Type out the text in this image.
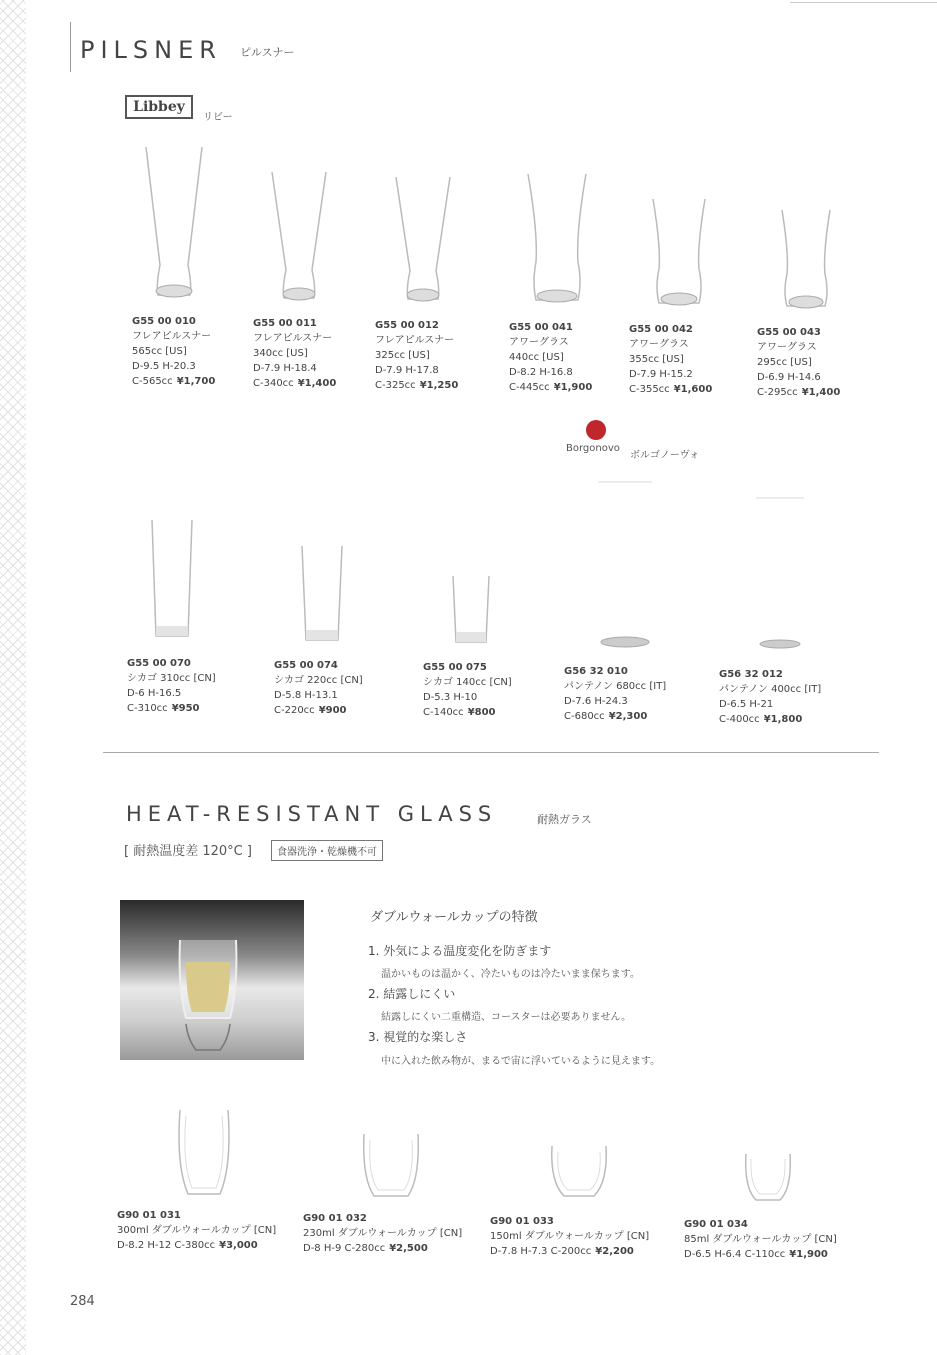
PILSNER ピルスナー
Libbey
リビー
G55 00 010
フレアピルスナー
565cc [US]
D-9.5 H-20.3
C-565cc ¥1,700
G55 00 011
フレアピルスナー
340cc [US]
D-7.9 H-18.4
C-340cc ¥1,400
G55 00 012
フレアピルスナー
325cc [US]
D-7.9 H-17.8
C-325cc ¥1,250
G55 00 041
アワーグラス
440cc [US]
D-8.2 H-16.8
C-445cc ¥1,900
G55 00 042
アワーグラス
355cc [US]
D-7.9 H-15.2
C-355cc ¥1,600
G55 00 043
アワーグラス
295cc [US]
D-6.9 H-14.6
C-295cc ¥1,400
Borgonovo
ボルゴノーヴォ
G55 00 070
シカゴ 310cc [CN]
D-6 H-16.5
C-310cc ¥950
G55 00 074
シカゴ 220cc [CN]
D-5.8 H-13.1
C-220cc ¥900
G55 00 075
シカゴ 140cc [CN]
D-5.3 H-10
C-140cc ¥800
G56 32 010
パンテノン 680cc [IT]
D-7.6 H-24.3
C-680cc ¥2,300
G56 32 012
パンテノン 400cc [IT]
D-6.5 H-21
C-400cc ¥1,800
HEAT-RESISTANT GLASS	耐熱ガラス
[ 耐熱温度差 120°C ]	食器洗浄・乾燥機不可
ダブルウォールカップの特徴
1. 外気による温度変化を防ぎます
温かいものは温かく、冷たいものは冷たいまま保ちます。
2. 結露しにくい
結露しにくい二重構造、コースターは必要ありません。
3. 視覚的な楽しさ
中に入れた飲み物が、まるで宙に浮いているように見えます。
G90 01 031
300ml ダブルウォールカップ [CN]
D-8.2 H-12 C-380cc ¥3,000
G90 01 032
230ml ダブルウォールカップ [CN]
D-8 H-9 C-280cc ¥2,500
G90 01 033
150ml ダブルウォールカップ [CN]
D-7.8 H-7.3 C-200cc ¥2,200
G90 01 034
85ml ダブルウォールカップ [CN]
D-6.5 H-6.4 C-110cc ¥1,900
284
